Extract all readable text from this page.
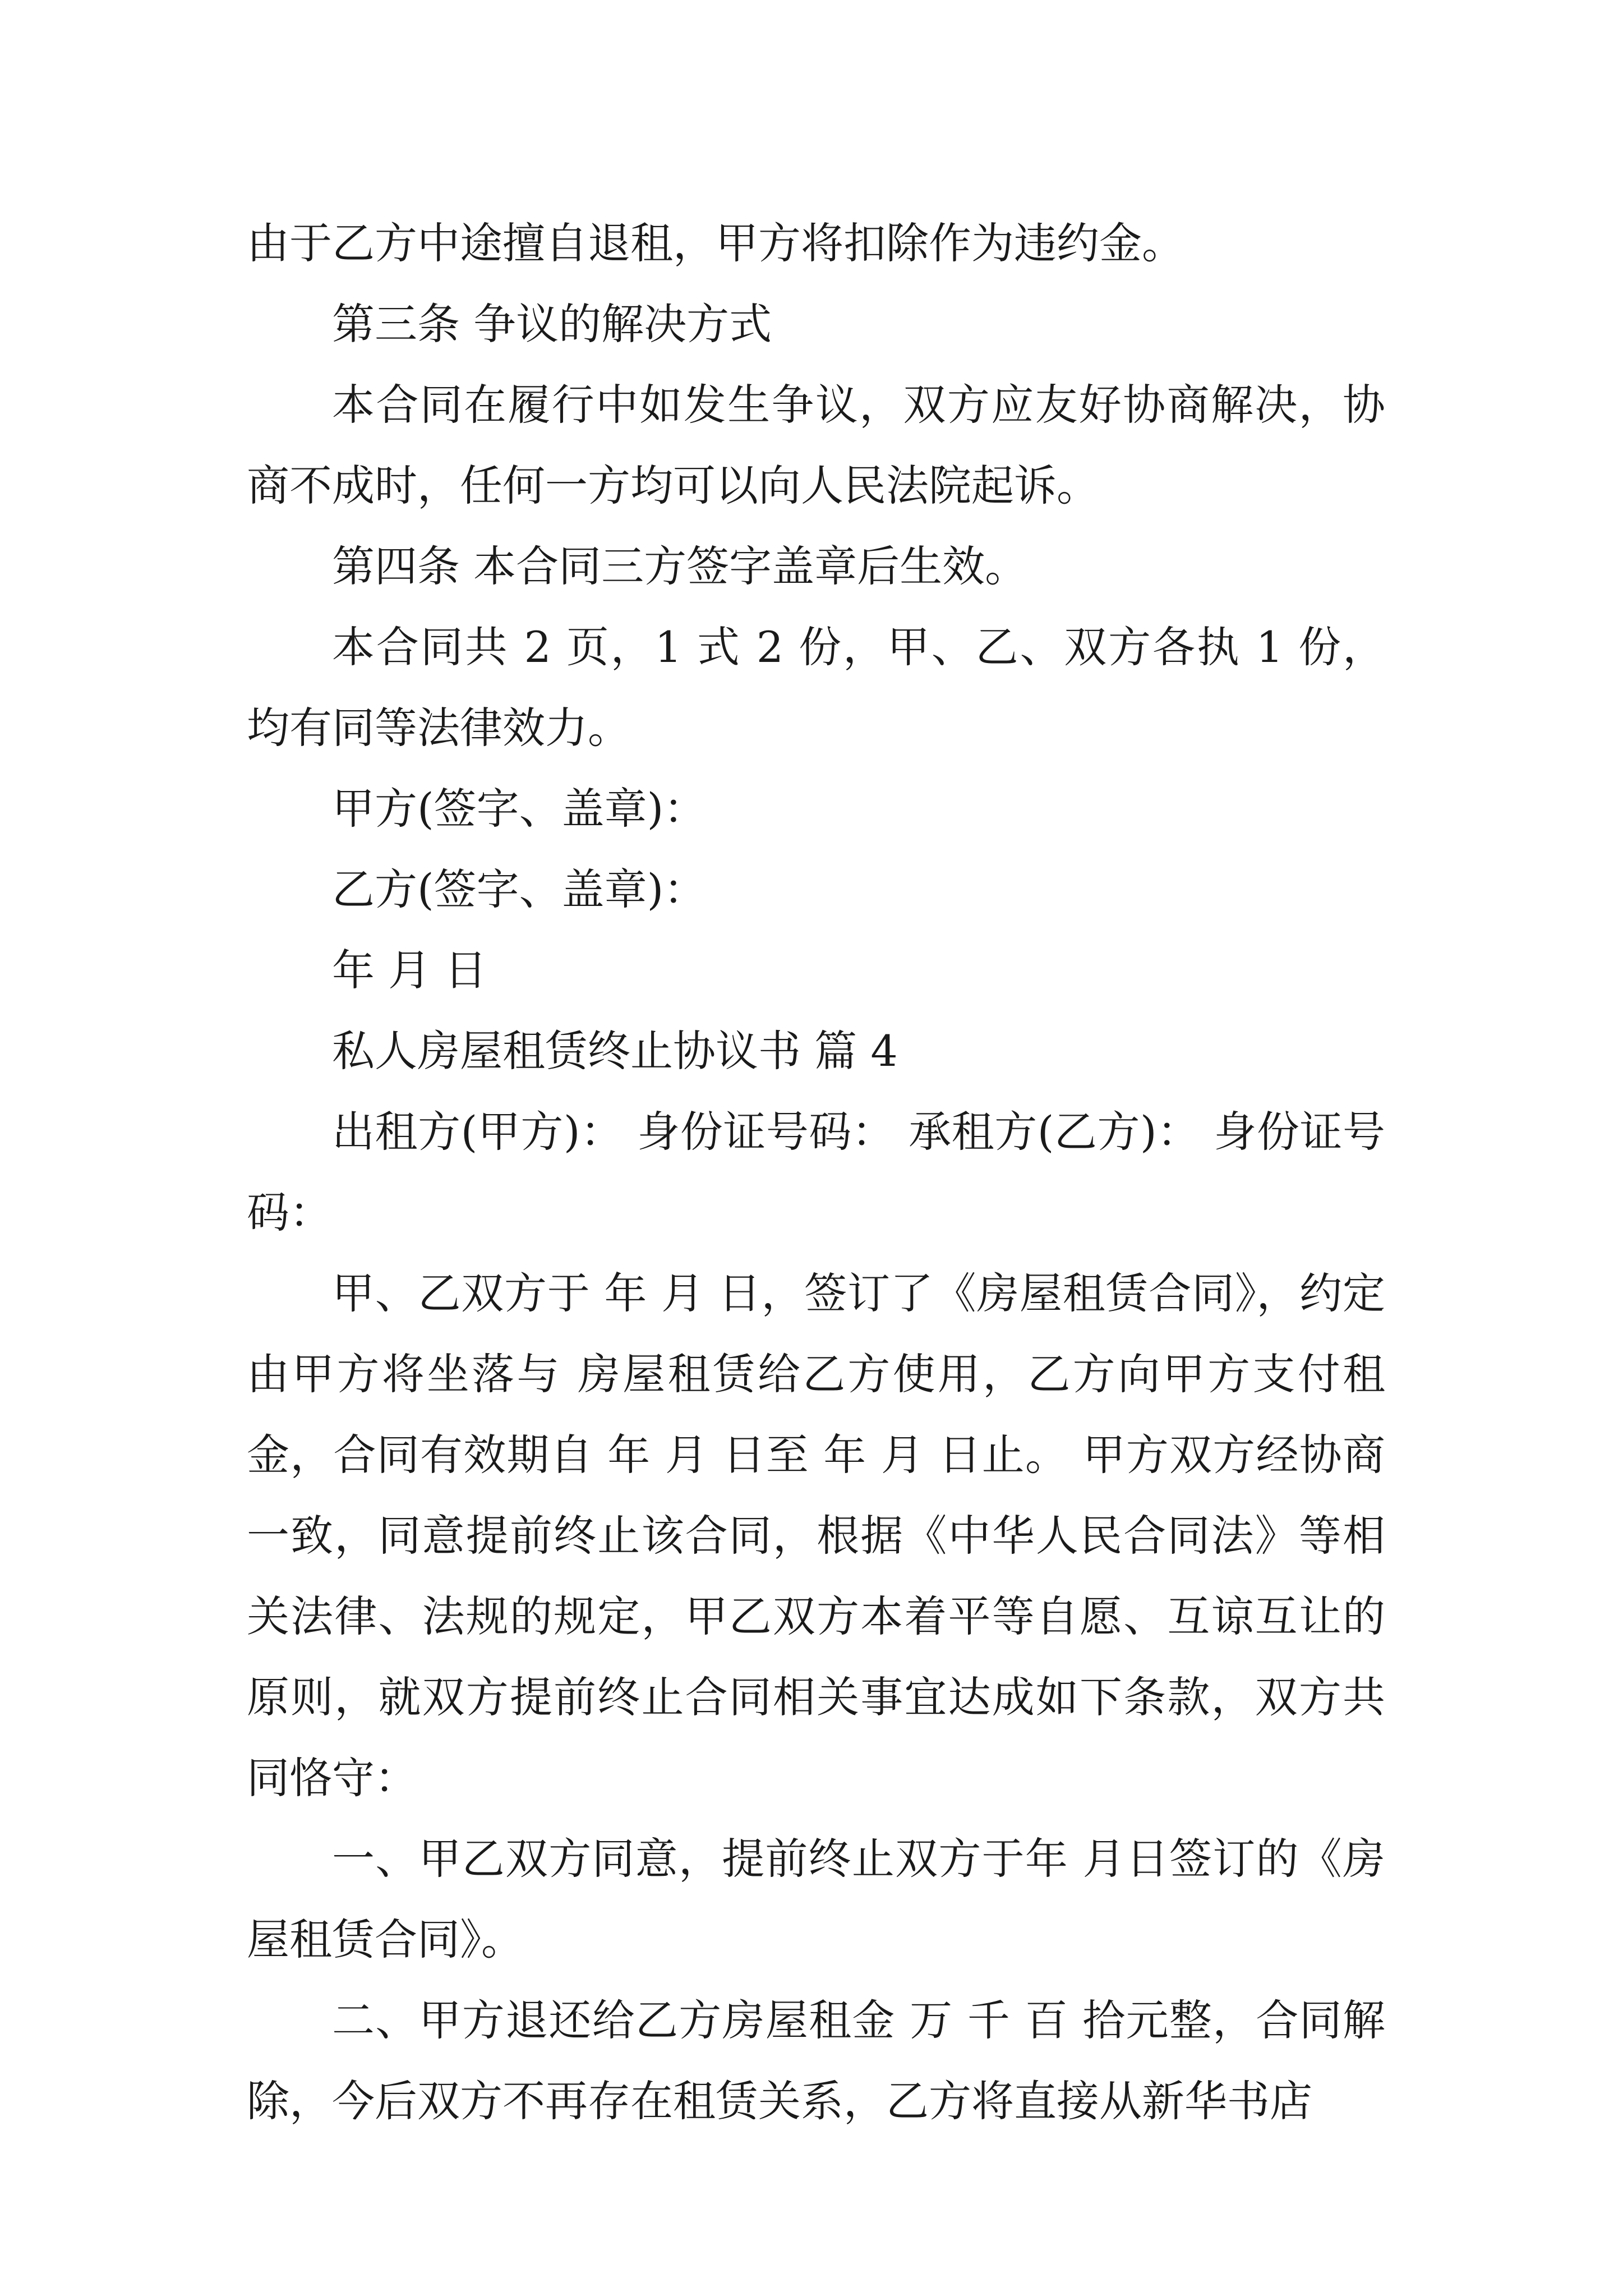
由于乙方中途擅自退租，甲方将扣除作为违约金。

第三条 争议的解决方式

本合同在履行中如发生争议，双方应友好协商解决，协商不成时，任何一方均可以向人民法院起诉。

第四条 本合同三方签字盖章后生效。

本合同共 2 页，1 式 2 份，甲、乙、双方各执 1 份，均有同等法律效力。

甲方(签字、盖章)：

乙方(签字、盖章)：

年 月 日

私人房屋租赁终止协议书 篇 4

出租方(甲方)： 身份证号码： 承租方(乙方)： 身份证号码：

甲、乙双方于 年 月 日，签订了《房屋租赁合同》，约定由甲方将坐落与 房屋租赁给乙方使用，乙方向甲方支付租金，合同有效期自 年 月 日至 年 月 日止。 甲方双方经协商一致，同意提前终止该合同，根据《中华人民合同法》等相关法律、法规的规定，甲乙双方本着平等自愿、互谅互让的原则，就双方提前终止合同相关事宜达成如下条款，双方共同恪守：

一、甲乙双方同意，提前终止双方于年 月日签订的《房屋租赁合同》。

二、甲方退还给乙方房屋租金 万 千 百 拾元整，合同解除，今后双方不再存在租赁关系，乙方将直接从新华书店
